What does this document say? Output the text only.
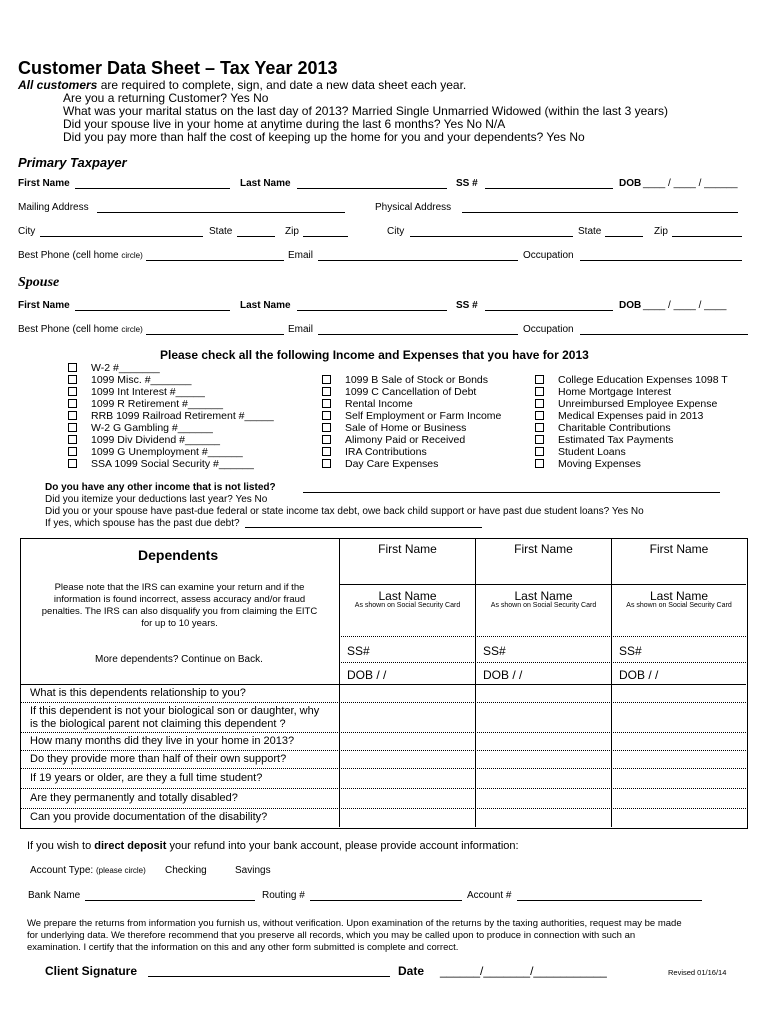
Customer Data Sheet – Tax Year 2013
All customers are required to complete, sign, and date a new data sheet each year.
Are you a returning Customer? Yes No
What was your marital status on the last day of 2013? Married Single Unmarried Widowed (within the last 3 years)
Did your spouse live in your home at anytime during the last 6 months? Yes No N/A
Did you pay more than half the cost of keeping up the home for you and your dependents? Yes No
Primary Taxpayer
First Name	Last Name	SS #	DOB ____ / ____ / ______
Mailing Address	Physical Address
City	State	Zip	City	State	Zip
Best Phone (cell home circle)	Email	Occupation
Spouse
First Name	Last Name	SS #	DOB ____ / ____ / ____
Best Phone (cell home circle)	Email	Occupation
Please check all the following Income and Expenses that you have for 2013
W-2 #_______
1099 Misc. #_______
1099 Int Interest #_____
1099 R Retirement #______
RRB 1099 Railroad Retirement #_____
W-2 G Gambling #______
1099 Div Dividend #______
1099 G Unemployment #______
SSA 1099 Social Security #______
1099 B Sale of Stock or Bonds
1099 C Cancellation of Debt
Rental Income
Self Employment or Farm Income
Sale of Home or Business
Alimony Paid or Received
IRA Contributions
Day Care Expenses
College Education Expenses 1098 T
Home Mortgage Interest
Unreimbursed Employee Expense
Medical Expenses paid in 2013
Charitable Contributions
Estimated Tax Payments
Student Loans
Moving Expenses
Do you have any other income that is not listed?
Did you itemize your deductions last year? Yes No
Did you or your spouse have past-due federal or state income tax debt, owe back child support or have past due student loans? Yes No
If yes, which spouse has the past due debt?
Dependents
Please note that the IRS can examine your return and if the
information is found incorrect, assess accuracy and/or fraud
penalties. The IRS can also disqualify you from claiming the EITC
for up to 10 years.
More dependents? Continue on Back.
First Name	First Name	First Name
Last Name	Last Name	Last Name
As shown on Social Security Card	As shown on Social Security Card	As shown on Social Security Card
SS#	SS#	SS#
DOB / /	DOB / /	DOB / /
What is this dependents relationship to you?
If this dependent is not your biological son or daughter, why
is the biological parent not claiming this dependent ?
How many months did they live in your home in 2013?
Do they provide more than half of their own support?
If 19 years or older, are they a full time student?
Are they permanently and totally disabled?
Can you provide documentation of the disability?
If you wish to direct deposit your refund into your bank account, please provide account information:
Account Type: (please circle) Checking	Savings
Bank Name	Routing #	Account #
We prepare the returns from information you furnish us, without verification. Upon examination of the returns by the taxing authorities, request may be made
for underlying data. We therefore recommend that you preserve all records, which you may be called upon to produce in connection with such an
examination. I certify that the information on this and any other form submitted is complete and correct.
Client Signature	Date ______/_______/___________	Revised 01/16/14
